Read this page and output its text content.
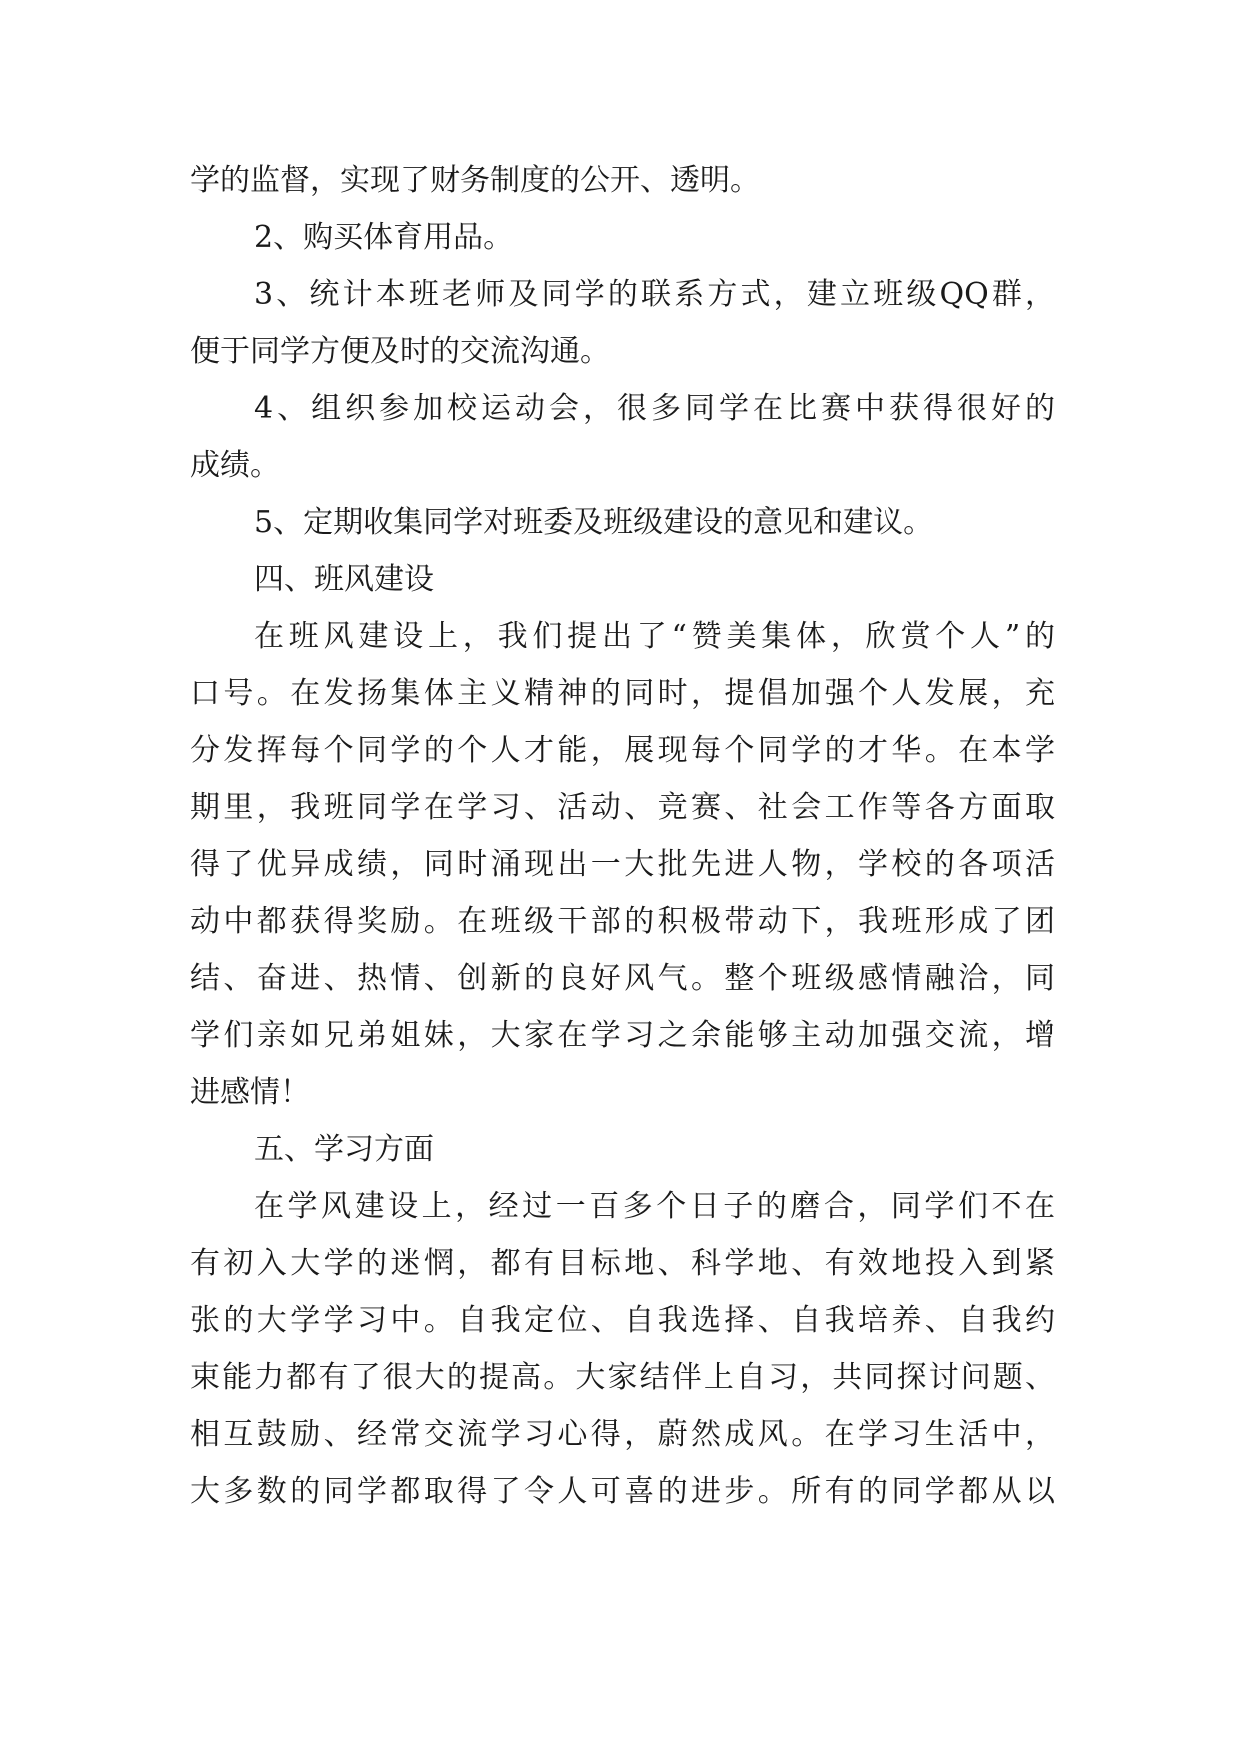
学的监督，实现了财务制度的公开、透明。
2、购买体育用品。
3、统计本班老师及同学的联系方式，建立班级QQ群，
便于同学方便及时的交流沟通。
4、组织参加校运动会，很多同学在比赛中获得很好的
成绩。
5、定期收集同学对班委及班级建设的意见和建议。
四、班风建设
在班风建设上，我们提出了“赞美集体，欣赏个人”的
口号。在发扬集体主义精神的同时，提倡加强个人发展，充
分发挥每个同学的个人才能，展现每个同学的才华。在本学
期里，我班同学在学习、活动、竞赛、社会工作等各方面取
得了优异成绩，同时涌现出一大批先进人物，学校的各项活
动中都获得奖励。在班级干部的积极带动下，我班形成了团
结、奋进、热情、创新的良好风气。整个班级感情融洽，同
学们亲如兄弟姐妹，大家在学习之余能够主动加强交流，增
进感情！
五、学习方面
在学风建设上，经过一百多个日子的磨合，同学们不在
有初入大学的迷惘，都有目标地、科学地、有效地投入到紧
张的大学学习中。自我定位、自我选择、自我培养、自我约
束能力都有了很大的提高。大家结伴上自习，共同探讨问题、
相互鼓励、经常交流学习心得，蔚然成风。在学习生活中，
大多数的同学都取得了令人可喜的进步。所有的同学都从以
